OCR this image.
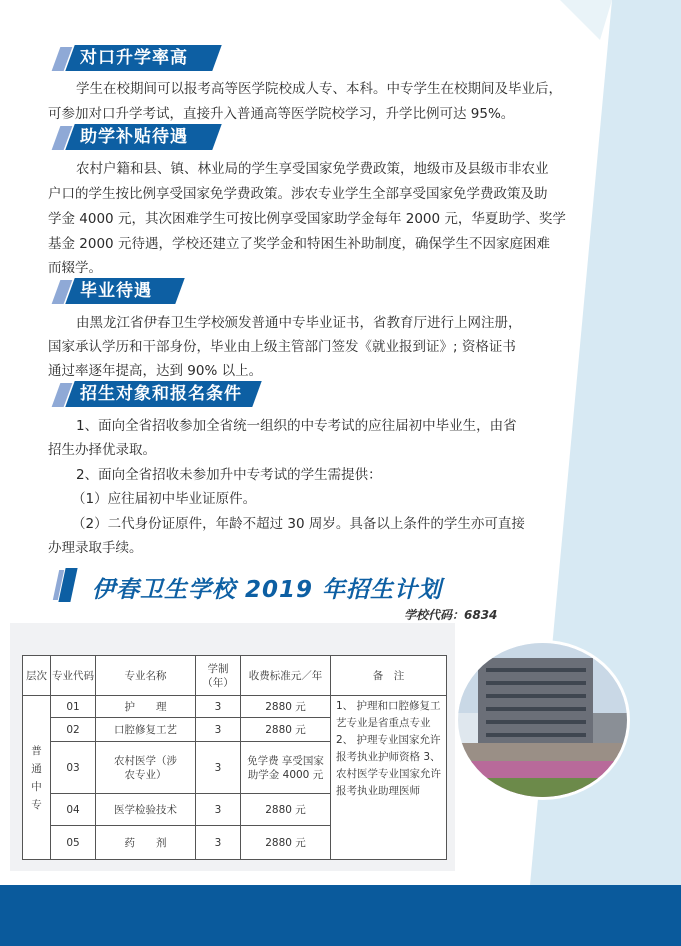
对口升学率高
学生在校期间可以报考高等医学院校成人专、本科。中专学生在校期间及毕业后，
可参加对口升学考试，直接升入普通高等医学院校学习，升学比例可达 95%。
助学补贴待遇
农村户籍和县、镇、林业局的学生享受国家免学费政策，地级市及县级市非农业
户口的学生按比例享受国家免学费政策。涉农专业学生全部享受国家免学费政策及助
学金 4000 元，其次困难学生可按比例享受国家助学金每年 2000 元，华夏助学、奖学
基金 2000 元待遇，学校还建立了奖学金和特困生补助制度，确保学生不因家庭困难
而辍学。
毕业待遇
由黑龙江省伊春卫生学校颁发普通中专毕业证书，省教育厅进行上网注册，
国家承认学历和干部身份，毕业由上级主管部门签发《就业报到证》; 资格证书
通过率逐年提高，达到 90% 以上。
招生对象和报名条件
1、面向全省招收参加全省统一组织的中专考试的应往届初中毕业生，由省
招生办择优录取。
2、面向全省招收未参加升中专考试的学生需提供：
（1）应往届初中毕业证原件。
（2）二代身份证原件，年龄不超过 30 周岁。具备以上条件的学生亦可直接
办理录取手续。
伊春卫生学校 2019 年招生计划
学校代码：6834
层次	专业代码	专业名称	学制（年）	收费标准元／年	备　注
普通中专	01	护　　理	3	2880 元	1、 护理和口腔修复工艺专业是省重点专业 2、 护理专业国家允许报考执业护师资格 3、 农村医学专业国家允许报考执业助理医师
	02	口腔修复工艺	3	2880 元	
	03	农村医学（涉农专业）	3	免学费 享受国家助学金 4000 元	
	04	医学检验技术	3	2880 元	
	05	药　　剂	3	2880 元	
